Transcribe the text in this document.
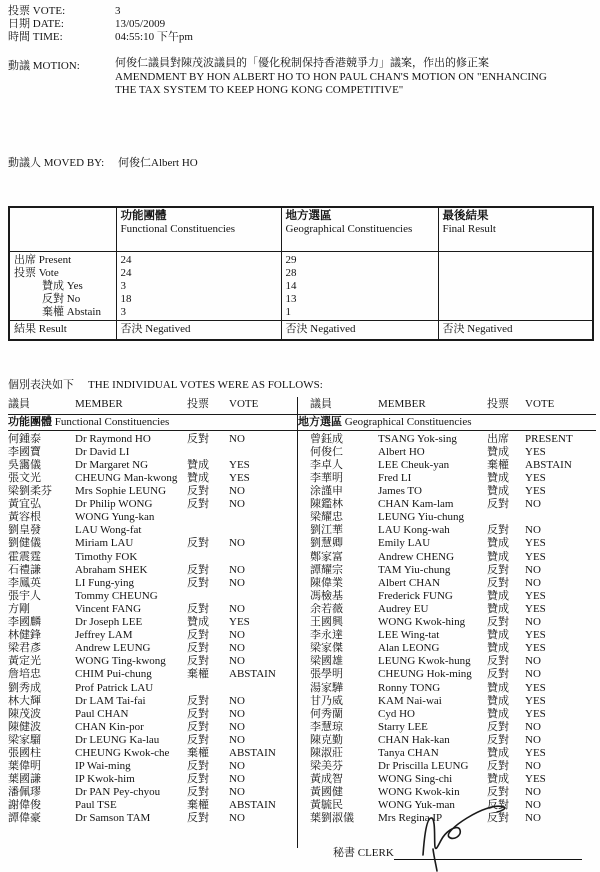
投票 VOTE:	3
日期 DATE:	13/05/2009
時間 TIME:	04:55:10 下午pm
動議 MOTION:	何俊仁議員對陳茂波議員的「優化稅制保持香港競爭力」議案，作出的修正案
AMENDMENT BY HON ALBERT HO TO HON PAUL CHAN'S MOTION ON "ENHANCING
THE TAX SYSTEM TO KEEP HONG KONG COMPETITIVE"
動議人 MOVED BY:	何俊仁Albert HO

	功能團體
Functional Constituencies	地方選區
Geographical Constituencies	最後結果
Final Result
出席 Present	24	29	
投票 Vote	24	28	
贊成 Yes	3	14	
反對 No	18	13	
棄權 Abstain	3	1	
結果 Result	否決 Negatived	否決 Negatived	否決 Negatived
個別表決如下	THE INDIVIDUAL VOTES WERE AS FOLLOWS:
議員	MEMBER	投票	VOTE
功能團體 Functional Constituencies
何鍾泰	Dr Raymond HO	反對	NO
李國寶	Dr David LI
吳靄儀	Dr Margaret NG	贊成	YES
張文光	CHEUNG Man-kwong 贊成	YES
梁劉柔芬	Mrs Sophie LEUNG	反對	NO
黃宜弘	Dr Philip WONG	反對	NO
黃容根	WONG Yung-kan
劉皇發	LAU Wong-fat
劉健儀	Miriam LAU	反對	NO
霍震霆	Timothy FOK
石禮謙	Abraham SHEK	反對	NO
李鳳英	LI Fung-ying	反對	NO
張宇人	Tommy CHEUNG
方剛	Vincent FANG	反對	NO
李國麟	Dr Joseph LEE	贊成	YES
林健鋒	Jeffrey LAM	反對	NO
梁君彥	Andrew LEUNG	反對	NO
黃定光	WONG Ting-kwong	反對	NO
詹培忠	CHIM Pui-chung	棄權	ABSTAIN
劉秀成	Prof Patrick LAU
林大輝	Dr LAM Tai-fai	反對	NO
陳茂波	Paul CHAN	反對	NO
陳健波	CHAN Kin-por	反對	NO
梁家騮	Dr LEUNG Ka-lau	反對	NO
張國柱	CHEUNG Kwok-che	棄權	ABSTAIN
葉偉明	IP Wai-ming	反對	NO
葉國謙	IP Kwok-him	反對	NO
潘佩璆	Dr PAN Pey-chyou	反對	NO
謝偉俊	Paul TSE	棄權	ABSTAIN
譚偉豪	Dr Samson TAM	反對	NO
議員	MEMBER	投票	VOTE
地方選區 Geographical Constituencies
曾鈺成	TSANG Yok-sing	出席	PRESENT
何俊仁	Albert HO	贊成	YES
李卓人	LEE Cheuk-yan	棄權	ABSTAIN
李華明	Fred LI	贊成	YES
涂謹申	James TO	贊成	YES
陳鑑林	CHAN Kam-lam	反對	NO
梁耀忠	LEUNG Yiu-chung
劉江華	LAU Kong-wah	反對	NO
劉慧卿	Emily LAU	贊成	YES
鄭家富	Andrew CHENG	贊成	YES
譚耀宗	TAM Yiu-chung	反對	NO
陳偉業	Albert CHAN	反對	NO
馮檢基	Frederick FUNG	贊成	YES
余若薇	Audrey EU	贊成	YES
王國興	WONG Kwok-hing	反對	NO
李永達	LEE Wing-tat	贊成	YES
梁家傑	Alan LEONG	贊成	YES
梁國雄	LEUNG Kwok-hung	反對	NO
張學明	CHEUNG Hok-ming	反對	NO
湯家驊	Ronny TONG	贊成	YES
甘乃威	KAM Nai-wai	贊成	YES
何秀蘭	Cyd HO	贊成	YES
李慧琼	Starry LEE	反對	NO
陳克勤	CHAN Hak-kan	反對	NO
陳淑莊	Tanya CHAN	贊成	YES
梁美芬	Dr Priscilla LEUNG	反對	NO
黃成智	WONG Sing-chi	贊成	YES
黃國健	WONG Kwok-kin	反對	NO
黃毓民	WONG Yuk-man	反對	NO
葉劉淑儀	Mrs Regina IP	反對	NO
秘書 CLERK
